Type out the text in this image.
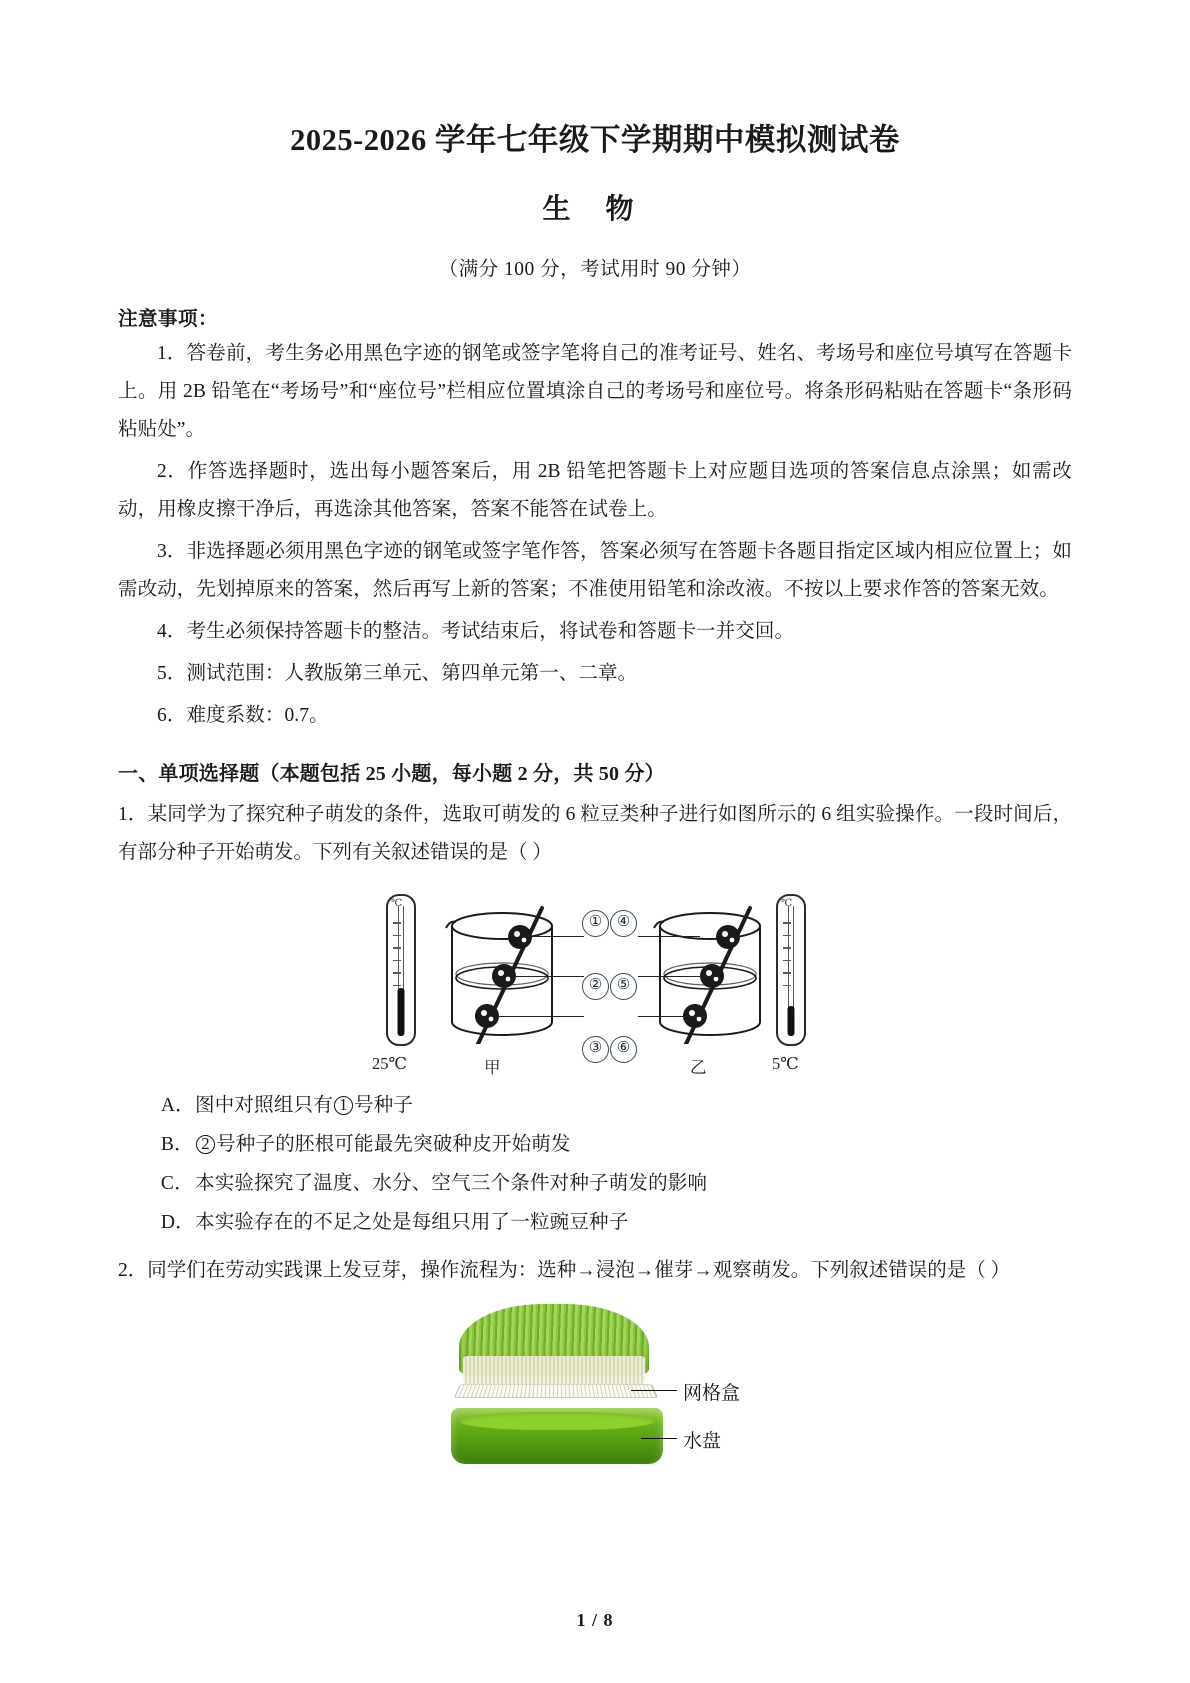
2025-2026 学年七年级下学期期中模拟测试卷
生 物
（满分 100 分，考试用时 90 分钟）
注意事项：

1．答卷前，考生务必用黑色字迹的钢笔或签字笔将自己的准考证号、姓名、考场号和座位号填写在答题卡上。用 2B 铅笔在“考场号”和“座位号”栏相应位置填涂自己的考场号和座位号。将条形码粘贴在答题卡“条形码粘贴处”。

2．作答选择题时，选出每小题答案后，用 2B 铅笔把答题卡上对应题目选项的答案信息点涂黑；如需改动，用橡皮擦干净后，再选涂其他答案，答案不能答在试卷上。

3．非选择题必须用黑色字迹的钢笔或签字笔作答，答案必须写在答题卡各题目指定区域内相应位置上；如需改动，先划掉原来的答案，然后再写上新的答案；不准使用铅笔和涂改液。不按以上要求作答的答案无效。

4．考生必须保持答题卡的整洁。考试结束后，将试卷和答题卡一并交回。

5．测试范围：人教版第三单元、第四单元第一、二章。

6．难度系数：0.7。

一、单项选择题（本题包括 25 小题，每小题 2 分，共 50 分）
1．某同学为了探究种子萌发的条件，选取可萌发的 6 粒豆类种子进行如图所示的 6 组实验操作。一段时间后，有部分种子开始萌发。下列有关叙述错误的是（ ）
℃	℃
①
②
③
④
⑤
⑥
25℃	甲	乙	5℃
A．图中对照组只有 1 号种子
B． 2 号种子的胚根可能最先突破种皮开始萌发
C．本实验探究了温度、水分、空气三个条件对种子萌发的影响
D．本实验存在的不足之处是每组只用了一粒豌豆种子
2．同学们在劳动实践课上发豆芽，操作流程为：选种→浸泡→催芽→观察萌发。下列叙述错误的是（ ）
网格盒
水盘
1 / 8
